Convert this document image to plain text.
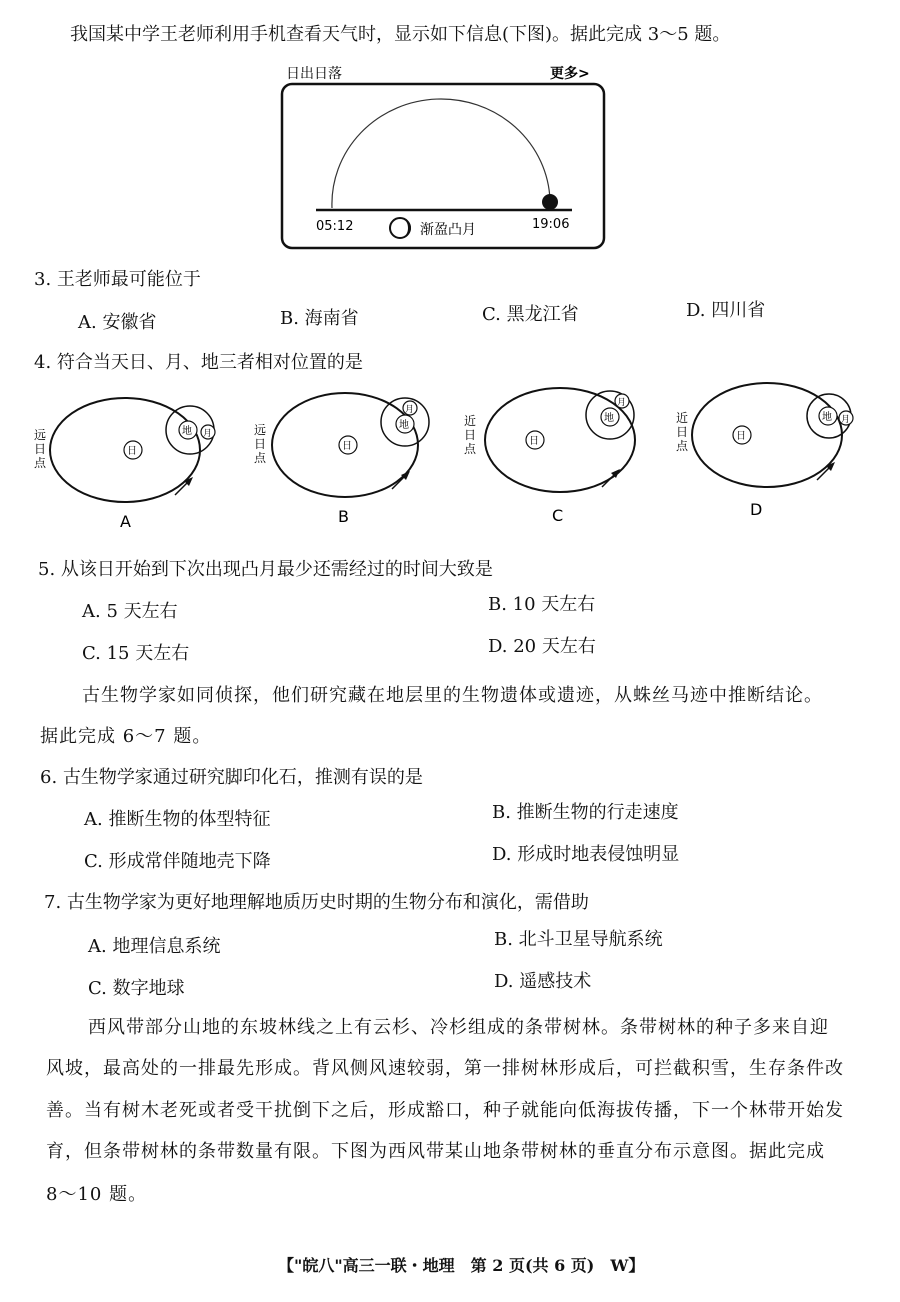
我国某中学王老师利用手机查看天气时，显示如下信息(下图)。据此完成 3～5 题。
日出日落	更多>
05:12	19:06
渐盈凸月
3. 王老师最可能位于
A. 安徽省	B. 海南省	C. 黑龙江省	D. 四川省
4. 符合当天日、月、地三者相对位置的是
远
日
点
日
地 月
A
远
日
点
日
地
月
B
近
日
点
日
地
月
C
近
日
点
日
地 月
D
5. 从该日开始到下次出现凸月最少还需经过的时间大致是
A. 5 天左右	B. 10 天左右
C. 15 天左右	D. 20 天左右
古生物学家如同侦探，他们研究藏在地层里的生物遗体或遗迹，从蛛丝马迹中推断结论。
据此完成 6～7 题。
6. 古生物学家通过研究脚印化石，推测有误的是
A. 推断生物的体型特征	B. 推断生物的行走速度
C. 形成常伴随地壳下降	D. 形成时地表侵蚀明显
7. 古生物学家为更好地理解地质历史时期的生物分布和演化，需借助
A. 地理信息系统	B. 北斗卫星导航系统
C. 数字地球	D. 遥感技术
西风带部分山地的东坡林线之上有云杉、冷杉组成的条带树林。条带树林的种子多来自迎
风坡，最高处的一排最先形成。背风侧风速较弱，第一排树林形成后，可拦截积雪，生存条件改
善。当有树木老死或者受干扰倒下之后，形成豁口，种子就能向低海拔传播，下一个林带开始发
育，但条带树林的条带数量有限。下图为西风带某山地条带树林的垂直分布示意图。据此完成
8～10 题。
【"皖八"高三一联・地理　第 2 页(共 6 页)　W】
